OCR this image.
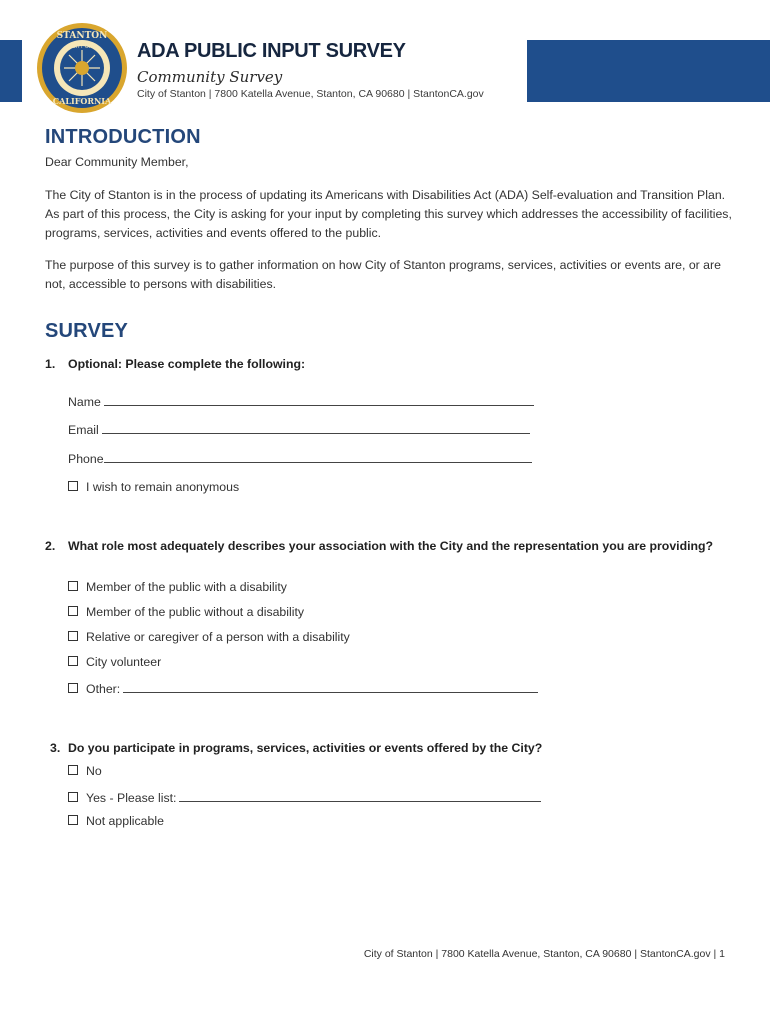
STANTON
CITY OF
CALIFORNIA
1956
ADA PUBLIC INPUT SURVEY
Community Survey
City of Stanton | 7800 Katella Avenue, Stanton, CA 90680 | StantonCA.gov
INTRODUCTION

Dear Community Member,

The City of Stanton is in the process of updating its Americans with Disabilities Act (ADA) Self-evaluation and Transition Plan. As part of this process, the City is asking for your input by completing this survey which addresses the accessibility of facilities, programs, services, activities and events offered to the public.

The purpose of this survey is to gather information on how City of Stanton programs, services, activities or events are, or are not, accessible to persons with disabilities.

SURVEY
1. Optional: Please complete the following:
Name
Email
Phone
I wish to remain anonymous
2. What role most adequately describes your association with the City and the representation you are providing?
Member of the public with a disability
Member of the public without a disability
Relative or caregiver of a person with a disability
City volunteer
Other:
3. Do you participate in programs, services, activities or events offered by the City?
No
Yes - Please list:
Not applicable
City of Stanton | 7800 Katella Avenue, Stanton, CA 90680 | StantonCA.gov | 1
